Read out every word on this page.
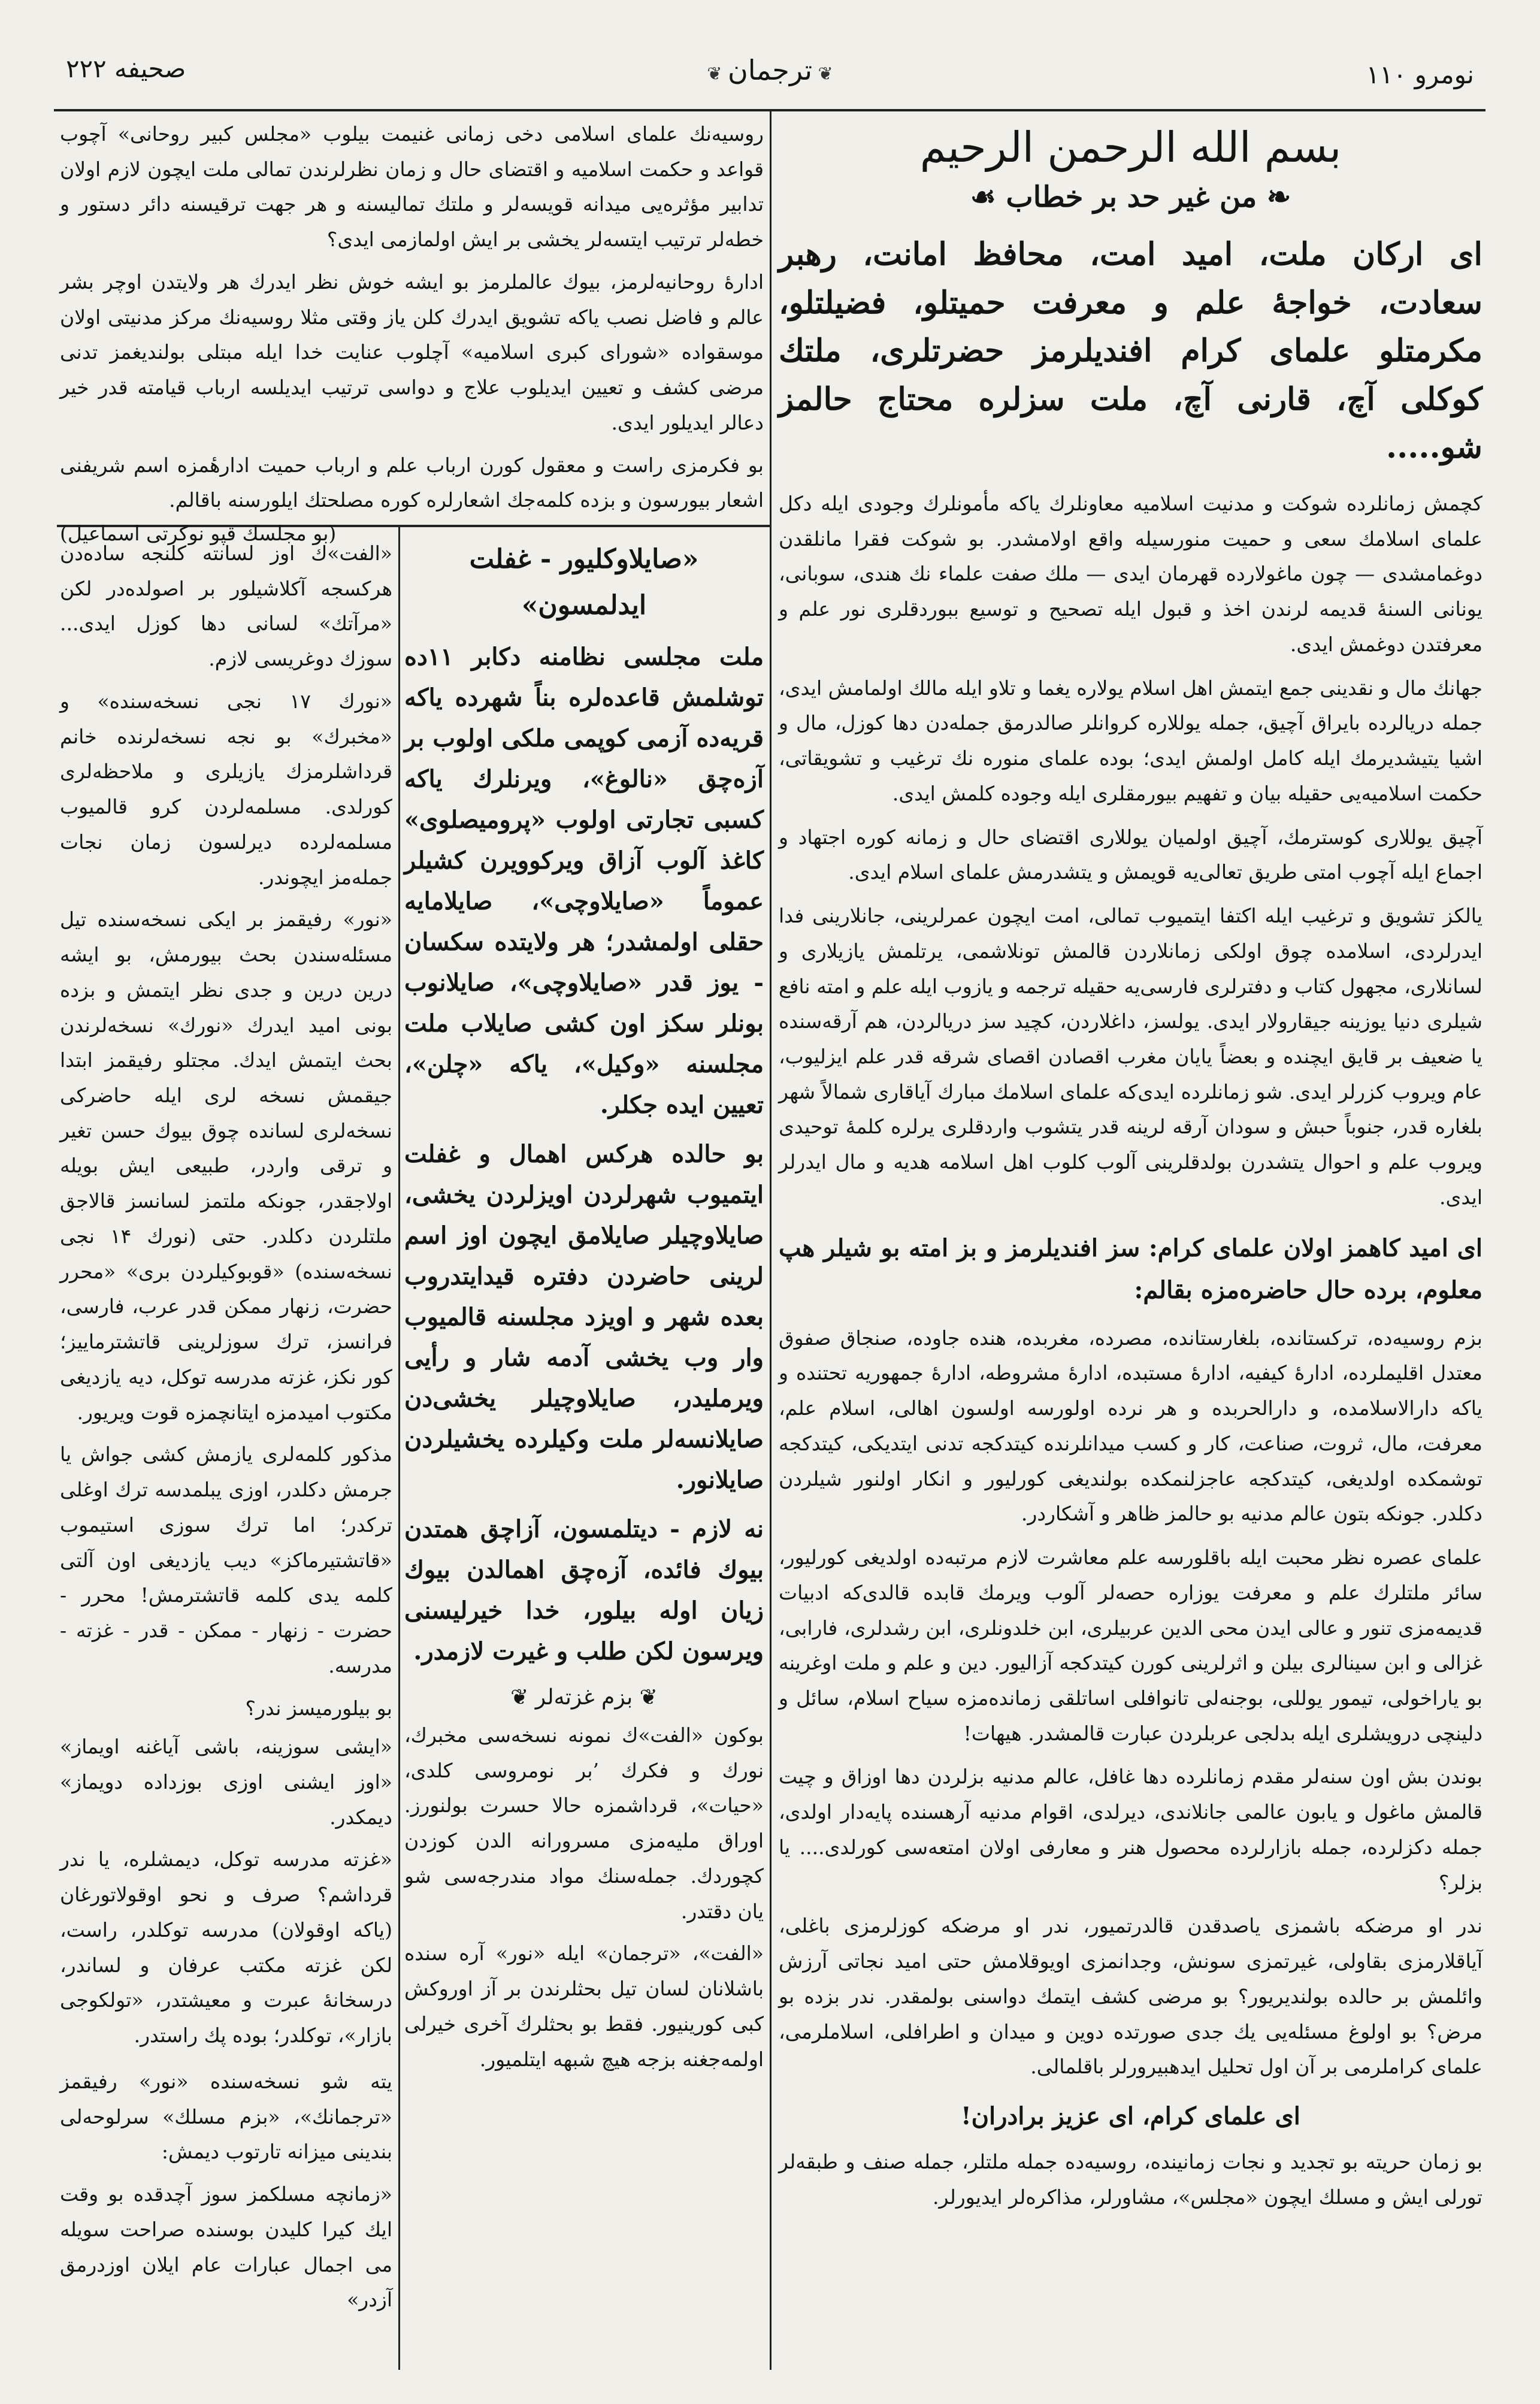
صحیفه ۲۲۲	❦ ترجمان ❦	نومرو ۱۱۰
بسم الله الرحمن الرحیم
❧ من غیر حد بر خطاب ☙

ای ارکان ملت، امید امت، محافظ امانت، رهبر سعادت، خواجهٔ علم و معرفت حمیتلو، فضیلتلو، مکرمتلو علمای کرام افندیلرمز حضرتلری، ملتك کوکلی آچ، قارنی آچ، ملت سزلره محتاج حالمز شو.....

کچمش زمانلرده شوکت و مدنیت اسلامیه معاونلرك یاکه مأمونلرك وجودی ایله دکل علمای اسلامك سعی و حمیت منورسیله واقع اولامشدر. بو شوکت فقرا مانلقدن دوغمامشدی — چون ماغولارده قهرمان ایدی — ملك صفت علماء نك هندی، سوبانی، یونانی السنهٔ قدیمه لرندن اخذ و قبول ایله تصحیح و توسیع ببوردقلری نور علم و معرفتدن دوغمش ایدی.

جهانك مال و نقدینی جمع ایتمش اهل اسلام یولاره یغما و تلاو ایله مالك اولمامش ایدی، جمله دریالرده بایراق آچیق، جمله یوللاره کروانلر صالدرمق جمله‌دن دها کوزل، مال و اشیا یتیشدیرمك ایله کامل اولمش ایدی؛ بوده علمای منوره نك ترغیب و تشویقاتی، حکمت اسلامیه‌یی حقیله بیان و تفهیم بیورمقلری ایله وجوده کلمش ایدی.

آچیق یوللاری کوسترمك، آچیق اولمیان یوللاری اقتضای حال و زمانه کوره اجتهاد و اجماع ایله آچوب امتی طریق تعالی‌یه قویمش و یتشدرمش علمای اسلام ایدی.

یالکز تشویق و ترغیب ایله اکتفا ایتمیوب تمالی، امت ایچون عمرلرینی، جانلارینی فدا ایدرلردی، اسلامده چوق اولکی زمانلاردن قالمش تونلاشمی، یرتلمش یازیلاری و لسانلاری، مجهول کتاب و دفترلری فارسی‌یه حقیله ترجمه و یازوب ایله علم و امته نافع شیلری دنیا یوزینه جیقارولار ایدی. یولسز، داغلاردن، کچید سز دریالردن، هم آرقه‌سنده یا ضعیف بر قایق ایچنده و بعضاً یایان مغرب اقصادن اقصای شرقه قدر علم ایزلیوب، عام ویروب کزرلر ایدی. شو زمانلرده ایدی‌که علمای اسلامك مبارك آیاقاری شمالاً شهر بلغاره قدر، جنوباً حبش و سودان آرقه لرینه قدر یتشوب واردقلری یرلره کلمهٔ توحیدی ویروب علم و احوال یتشدرن بولدقلرینی آلوب کلوب اهل اسلامه هدیه و مال ایدرلر ایدی.

ای امید کاهمز اولان علمای کرام: سز افندیلرمز و بز امته بو شیلر هپ معلوم، برده حال حاضره‌مزه بقالم:

بزم روسیه‌ده، ترکستانده، بلغارستانده، مصرده، مغربده، هنده جاوده، صنجاق صفوق معتدل اقلیملرده، ادارهٔ کیفیه، ادارهٔ مستبده، ادارهٔ مشروطه، ادارهٔ جمهوریه تحتنده و یاکه دارالاسلامده، و دارالحربده و هر نرده اولورسه اولسون اهالی، اسلام علم، معرفت، مال، ثروت، صناعت، کار و کسب میدانلرنده کیتدکجه تدنی ایتدیکی، کیتدکجه توشمکده اولدیغی، کیتدکجه عاجزلنمکده بولندیغی کورلیور و انکار اولنور شیلردن دکلدر. جونکه بتون عالم مدنیه بو حالمز ظاهر و آشکاردر.

علمای عصره نظر محبت ایله باقلورسه علم معاشرت لازم مرتبه‌ده اولدیغی کورلیور، سائر ملتلرك علم و معرفت یوزاره حصه‌لر آلوب ویرمك قابده قالدی‌که ادبیات قدیمه‌مزی تنور و عالی ایدن محی الدین عربیلری، ابن خلدونلری، ابن رشدلری، فارابی، غزالی و ابن سینالری بیلن و اثرلرینی کورن کیتدکجه آزالیور. دین و علم و ملت اوغرینه بو یاراخولی، تیمور یوللی، بوجنه‌لی تانوافلی اساتلقی زمانده‌مزه سیاح اسلام، سائل و دلینچی درویشلری ایله بدلجی عربلردن عبارت قالمشدر. هیهات!

بوندن بش اون سنه‌لر مقدم زمانلرده دها غافل، عالم مدنیه بزلردن دها اوزاق و چیت قالمش ماغول و یابون عالمی جانلاندی، دیرلدی، اقوام مدنیه آرهسنده پایه‌دار اولدی، جمله دکزلرده، جمله بازارلرده محصول هنر و معارفی اولان امتعه‌سی کورلدی.... یا بزلر؟

ندر او مرضکه باشمزی یاصدقدن قالدرتمیور، ندر او مرضکه کوزلرمزی باغلی، آیاقلارمزی بقاولی، غیرتمزی سونش، وجدانمزی اویوقلامش حتی امید نجاتی آرزش وائلمش بر حالده بولندیریور؟ بو مرضی کشف ایتمك دوا‌سنی بولمقدر. ندر بزده بو مرض؟ بو اولوغ مسئله‌یی یك جدی صورتده دوین و میدان و اطرافلی، اسلاملرمی، علمای کراملرمی بر آن اول تحلیل ایدهبیرورلر باقلمالی.

ای علمای کرام، ای عزیز برادران!

بو زمان حریته بو تجدید و نجات زمانینده، روسیه‌ده جمله ملتلر، جمله صنف و طبقه‌لر تورلی ایش و مسلك ایچون «مجلس»، مشاورلر، مذاکره‌لر ایدیورلر.

روسیه‌نك علمای اسلامی دخی زمانی غنیمت بیلوب «مجلس کبیر روحانی» آچوب قواعد و حکمت اسلامیه و اقتضای حال و زمان نظرلرندن تمالی ملت ایچون لازم اولان تدابیر مؤثره‌یی میدانه قویسه‌لر و ملتك تمالیسنه و هر جهت ترقیسنه دائر دستور و خطه‌لر ترتیب ایتسه‌لر یخشی بر ایش اولمازمی ایدی؟

ادارهٔ روحانیه‌لرمز، بیوك عالملرمز بو ایشه خوش نظر ایدرك هر ولایتدن اوچر بشر عالم و فاضل نصب یاکه تشویق ایدرك کلن یاز وقتی مثلا روسیه‌نك مرکز مدنیتی اولان موسقواده «شورای کبری اسلامیه» آچلوب عنایت خدا ایله مبتلی بولندیغمز تدنی مرضی کشف و تعیین ایدیلوب علاج و دواسی ترتیب ایدیلسه ارباب قیامته قدر خیر دعالر ایدیلور ایدی.

بو فکرمزی راست و معقول کورن ارباب علم و ارباب حمیت ادارهٔمزه اسم شریفنی اشعار بیورسون و بزده کلمه‌جك اشعارلره کوره مصلحتك ایلورسنه باقالم.

(بو مجلسك قپو نوکرتی اسماعیل)

«صایلاوکلیور - غفلت ایدلمسون»

ملت مجلسی نظامنه دکابر ۱۱ده توشلمش قاعده‌لره بناً شهرده یاکه قریه‌ده آزمی کوپمی ملکی اولوب بر آزه‌چق «نالوغ»، ویرنلرك یاکه کسبی تجارتی اولوب «پرومیصلوی» کاغذ آلوب آزاق ویرکوویرن کشیلر عموماً «صایلاوچی»، صایلامایه حقلی اولمشدر؛ هر ولایتده سکسان - یوز قدر «صایلاوچی»، صایلانوب بونلر سکز اون کشی صایلاب ملت مجلسنه «وکیل»، یاکه «چلن»، تعیین ایده جکلر.

بو حالده هرکس اهمال و غفلت ایتمیوب شهرلردن اویزلردن یخشی، صایلاوچیلر صایلامق ایچون اوز اسم لرینی حاضردن دفتره قیدایتدروب بعده شهر و اویزد مجلسنه قالمیوب وار وب یخشی آدمه شار و رأیی ویرملیدر، صایلاوچیلر یخشی‌دن صایلانسه‌لر ملت وکیلرده یخشیلردن صایلانور.

نه لازم - دیتلمسون، آزاچق همتدن بیوك فائده، آزه‌چق اهمالدن بیوك زیان اوله بیلور، خدا خیرلیسنی ویرسون لکن طلب و غیرت لازمدر.

❦ بزم غزته‌لر ❦

بوکون «الفت»ك نمونه نسخه‌سی مخبرك، نورك و فکرك ’بر نومروسی کلدی، «حیات»، قرداشمزه حالا حسرت بولنورز. اوراق ملیه‌مزی مسرورانه الدن کوزدن کچوردك. جمله‌سنك مواد مندرجه‌سی شو یان دقتدر.

«الفت»، «ترجمان» ایله «نور» آره‌ سنده باشلانان لسان تیل بحثلرندن بر آز اوروکش کبی کورینیور. فقط بو بحثلرك آخری خیرلی اولمه‌جغنه بزجه هیچ شبهه ایتلمیور.

«الفت»ك اوز لسانته کلنجه ساده‌دن هرکسجه آکلاشیلور بر اصولده‌در لکن «مرآتك» لسانی دها کوزل ایدی... سوزك دوغریسی لازم.

«نورك ۱۷ نجی نسخه‌سنده» و «مخبرك» بو نجه نسخه‌لرنده خانم قرداشلرمزك یازیلری و ملاحظه‌لری کورلدی. مسلمه‌لردن کرو قالمیوب مسلمه‌لرده دیرلسون زمان نجات جمله‌مز ایچوندر.

«نور» رفیقمز بر ایکی نسخه‌سنده تیل مسئله‌سندن بحث بیورمش، بو ایشه درین درین و جدی نظر ایتمش و بزده بونی امید ایدرك «نورك» نسخه‌لرندن بحث ایتمش ایدك. مجتلو رفیقمز ابتدا جیقمش نسخه لری ایله حاضرکی نسخه‌لری لسانده چوق بیوك حسن تغیر و ترقی واردر، طبیعی ایش بویله اولاجقدر، جونکه ملتمز لسانسز قالاجق ملتلردن دکلدر. حتی (نورك ۱۴ نجی نسخه‌سنده) «قوبوکیلردن بری» «محرر حضرت، زنهار ممکن قدر عرب، فارسی، فرانسز، ترك سوزلرینی قاتشترماییز؛ کور نکز، غزته مدرسه توکل، دیه یازدیغی مکتوب امیدمزه ایتانچمزه قوت ویریور.

مذکور کلمه‌لری یازمش کشی جواش یا جرمش دکلدر، اوزی یبلمدسه ترك اوغلی ترکدر؛ اما ترك سوزی استیموب «قاتشتیرماکز» دیب یازدیغی اون آلتی کلمه یدی کلمه قاتشترمش! محرر - حضرت - زنهار - ممکن - قدر - غزته - مدرسه.

بو بیلورمیسز ندر؟

«ایشی سوزینه، باشی آیاغنه اویماز» «اوز ایشنی اوزی بوزداده دویماز» دیمکدر.

«غزته مدرسه توکل، دیمشلره، یا ندر قرداشم؟ صرف و نحو اوقولاتورغان (یاکه اوقولان) مدرسه توکلدر، راست، لکن غزته مکتب عرفان و لساندر، درسخانهٔ عبرت و معیشتدر، «تولکوجی بازار»، توکلدر؛ بوده پك راستدر.

یته شو نسخه‌سنده «نور» رفیقمز «ترجمانك»، «بزم مسلك» سرلوحه‌لی بندینی میزانه تارتوب دیمش:

«زمانچه مسلکمز سوز آچدقده بو وقت ایك کیرا کلیدن بوسنده صراحت سویله می اجمال عبارات عام ایلان اوزدرمق آزدر»
